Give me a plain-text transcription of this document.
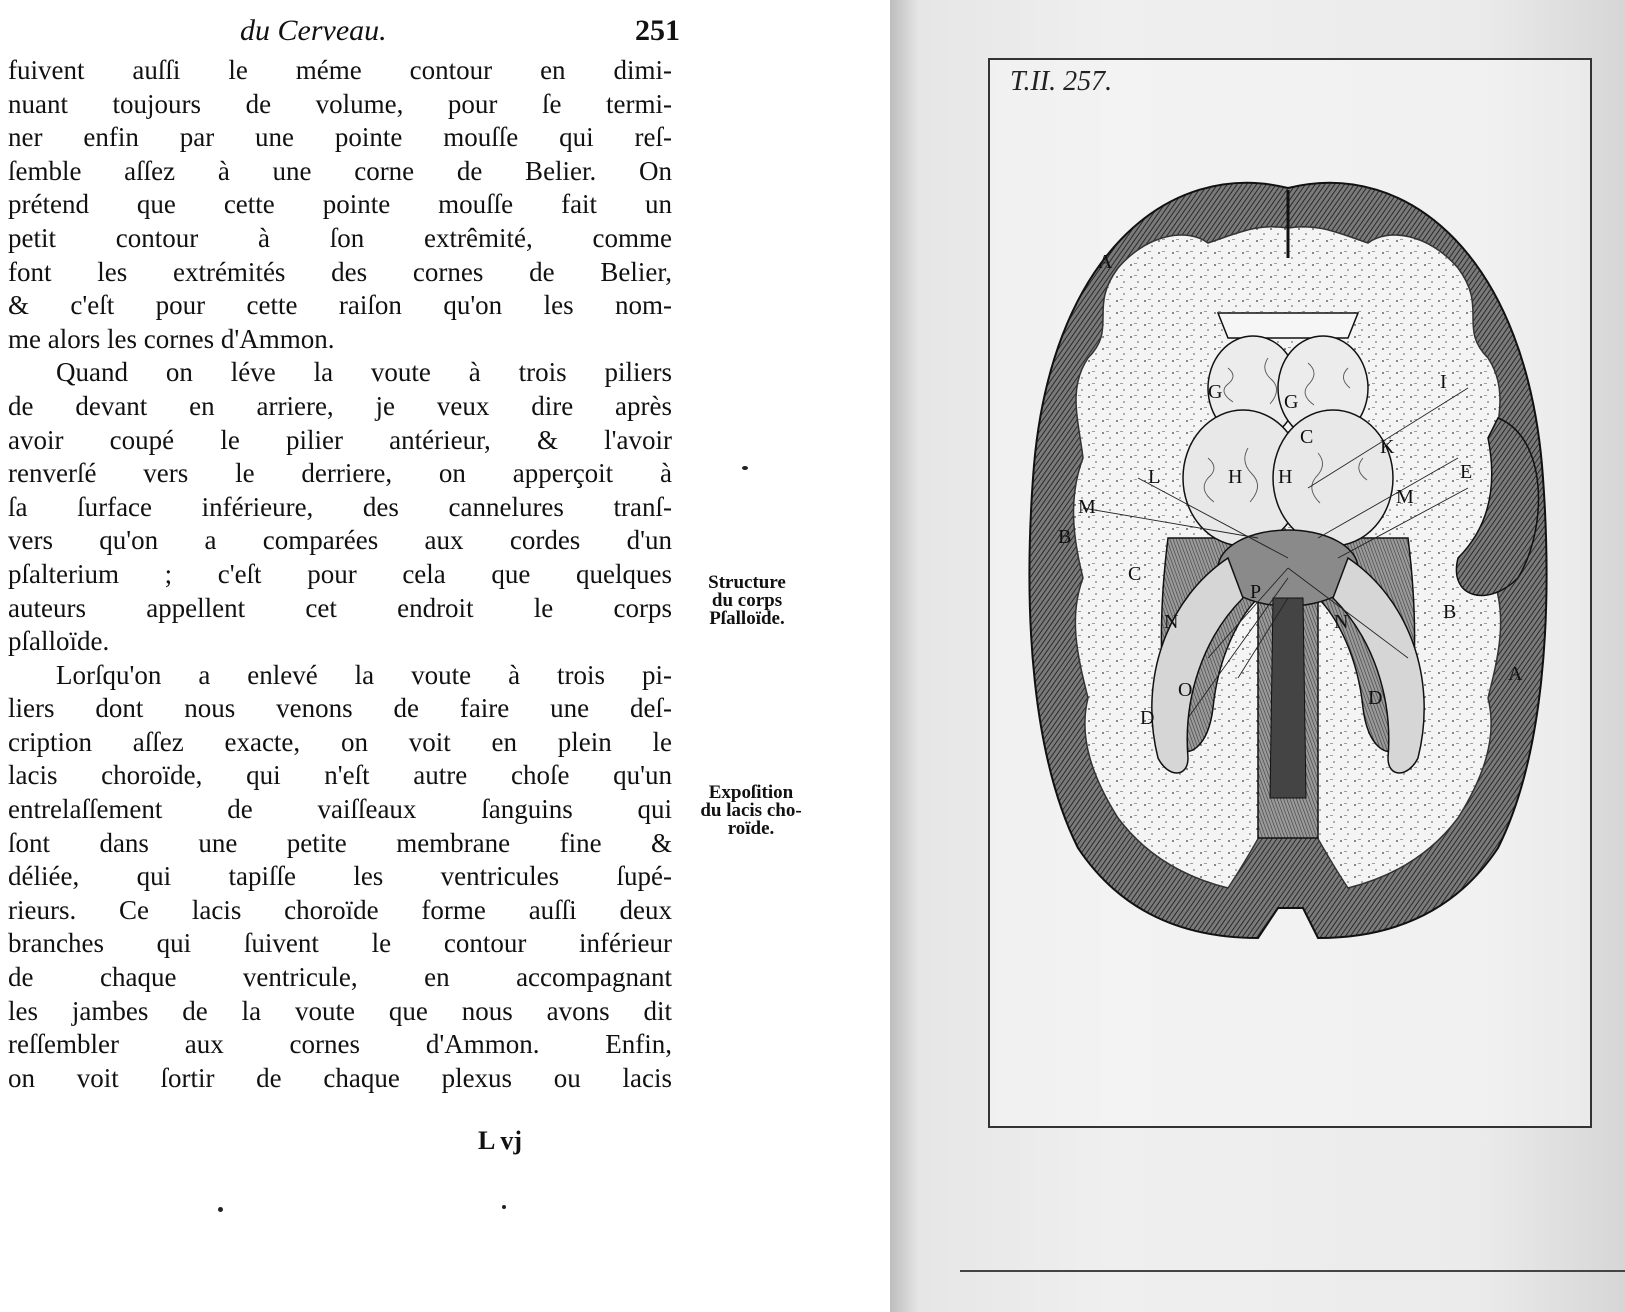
du Cerveau.	251
fuivent auſſi le méme contour en dimi-
nuant toujours de volume, pour ſe termi-
ner enfin par une pointe mouſſe qui reſ-
ſemble aſſez à une corne de Belier. On
prétend que cette pointe mouſſe fait un
petit contour à ſon extrêmité, comme
font les extrémités des cornes de Belier,
& c'eſt pour cette raiſon qu'on les nom-
me alors les cornes d'Ammon.
Quand on léve la voute à trois piliers
de devant en arriere, je veux dire après
avoir coupé le pilier antérieur, & l'avoir
renverſé vers le derriere, on apperçoit à
ſa ſurface inférieure, des cannelures tranſ-
vers qu'on a comparées aux cordes d'un
pſalterium ; c'eſt pour cela que quelques
auteurs appellent cet endroit le corps
pſalloïde.
Lorſqu'on a enlevé la voute à trois pi-
liers dont nous venons de faire une deſ-
cription aſſez exacte, on voit en plein le
lacis choroïde, qui n'eſt autre choſe qu'un
entrelaſſement de vaiſſeaux ſanguins qui
ſont dans une petite membrane fine &
déliée, qui tapiſſe les ventricules ſupé-
rieurs. Ce lacis choroïde forme auſſi deux
branches qui ſuivent le contour inférieur
de chaque ventricule, en accompagnant
les jambes de la voute que nous avons dit
reſſembler aux cornes d'Ammon. Enfin,
on voit ſortir de chaque plexus ou lacis
Structure
du corps
Pſalloïde.
Expoſition
du lacis cho-
roïde.
L vj
T.II. 257.
A
A
B
B
C
C
D
D
E
G	G
H H
I
K
L
M	M
N	N
O
P
